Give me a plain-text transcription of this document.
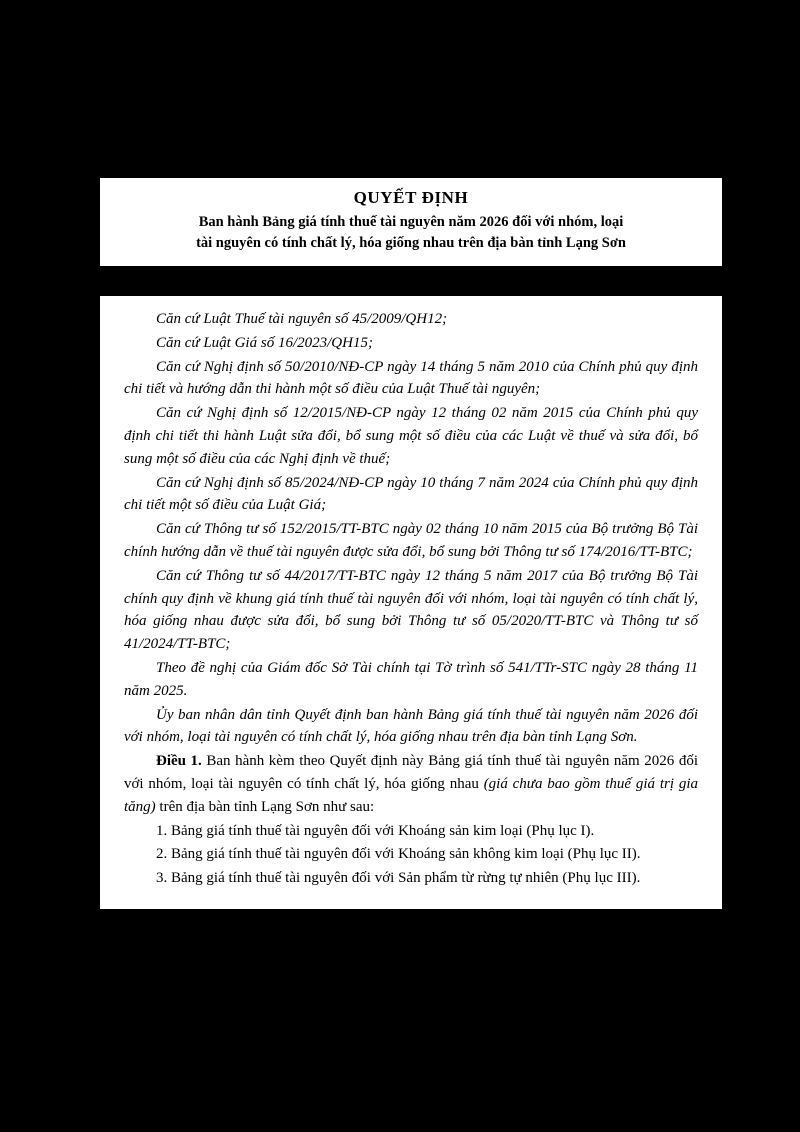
QUYẾT ĐỊNH
Ban hành Bảng giá tính thuế tài nguyên năm 2026 đối với nhóm, loại
tài nguyên có tính chất lý, hóa giống nhau trên địa bàn tỉnh Lạng Sơn

Căn cứ Luật Thuế tài nguyên số 45/2009/QH12;

Căn cứ Luật Giá số 16/2023/QH15;

Căn cứ Nghị định số 50/2010/NĐ-CP ngày 14 tháng 5 năm 2010 của Chính phủ quy định chi tiết và hướng dẫn thi hành một số điều của Luật Thuế tài nguyên;

Căn cứ Nghị định số 12/2015/NĐ-CP ngày 12 tháng 02 năm 2015 của Chính phủ quy định chi tiết thi hành Luật sửa đổi, bổ sung một số điều của các Luật về thuế và sửa đổi, bổ sung một số điều của các Nghị định về thuế;

Căn cứ Nghị định số 85/2024/NĐ-CP ngày 10 tháng 7 năm 2024 của Chính phủ quy định chi tiết một số điều của Luật Giá;

Căn cứ Thông tư số 152/2015/TT-BTC ngày 02 tháng 10 năm 2015 của Bộ trưởng Bộ Tài chính hướng dẫn về thuế tài nguyên được sửa đổi, bổ sung bởi Thông tư số 174/2016/TT-BTC;

Căn cứ Thông tư số 44/2017/TT-BTC ngày 12 tháng 5 năm 2017 của Bộ trưởng Bộ Tài chính quy định về khung giá tính thuế tài nguyên đối với nhóm, loại tài nguyên có tính chất lý, hóa giống nhau được sửa đổi, bổ sung bởi Thông tư số 05/2020/TT-BTC và Thông tư số 41/2024/TT-BTC;

Theo đề nghị của Giám đốc Sở Tài chính tại Tờ trình số 541/TTr-STC ngày 28 tháng 11 năm 2025.

Ủy ban nhân dân tỉnh Quyết định ban hành Bảng giá tính thuế tài nguyên năm 2026 đối với nhóm, loại tài nguyên có tính chất lý, hóa giống nhau trên địa bàn tỉnh Lạng Sơn.

Điều 1. Ban hành kèm theo Quyết định này Bảng giá tính thuế tài nguyên năm 2026 đối với nhóm, loại tài nguyên có tính chất lý, hóa giống nhau (giá chưa bao gồm thuế giá trị gia tăng) trên địa bàn tỉnh Lạng Sơn như sau:

1. Bảng giá tính thuế tài nguyên đối với Khoáng sản kim loại (Phụ lục I).

2. Bảng giá tính thuế tài nguyên đối với Khoáng sản không kim loại (Phụ lục II).

3. Bảng giá tính thuế tài nguyên đối với Sản phẩm từ rừng tự nhiên (Phụ lục III).
